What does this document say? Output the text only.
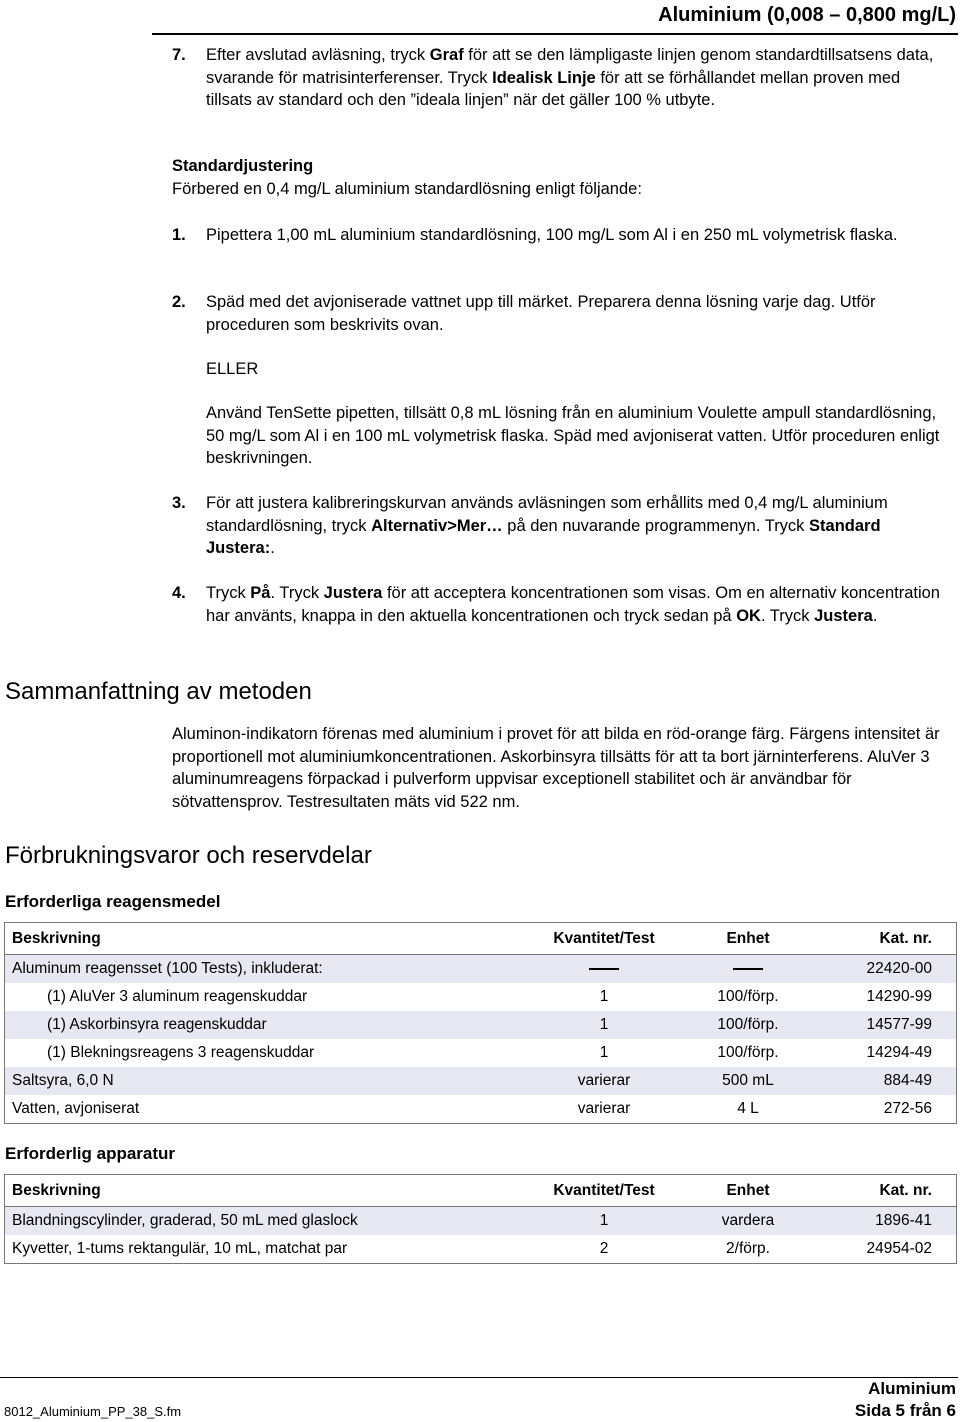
Aluminium (0,008 – 0,800 mg/L)
7. Efter avslutad avläsning, tryck Graf för att se den lämpligaste linjen genom standardtillsatsens data, svarande för matrisinterferenser. Tryck Idealisk Linje för att se förhållandet mellan proven med tillsats av standard och den ”ideala linjen” när det gäller 100 % utbyte.
Standardjustering
Förbered en 0,4 mg/L aluminium standardlösning enligt följande:
1. Pipettera 1,00 mL aluminium standardlösning, 100 mg/L som Al i en 250 mL volymetrisk flaska.
2. Späd med det avjoniserade vattnet upp till märket. Preparera denna lösning varje dag. Utför proceduren som beskrivits ovan.
ELLER
Använd TenSette pipetten, tillsätt 0,8 mL lösning från en aluminium Voulette ampull standardlösning, 50 mg/L som Al i en 100 mL volymetrisk flaska. Späd med avjoniserat vatten. Utför proceduren enligt beskrivningen.
3. För att justera kalibreringskurvan används avläsningen som erhållits med 0,4 mg/L aluminium standardlösning, tryck Alternativ>Mer… på den nuvarande programmenyn. Tryck Standard Justera:.
4. Tryck På. Tryck Justera för att acceptera koncentrationen som visas. Om en alternativ koncentration har använts, knappa in den aktuella koncentrationen och tryck sedan på OK. Tryck Justera.
Sammanfattning av metoden
Aluminon-indikatorn förenas med aluminium i provet för att bilda en röd-orange färg. Färgens intensitet är proportionell mot aluminiumkoncentrationen. Askorbinsyra tillsätts för att ta bort järninterferens. AluVer 3 aluminumreagens förpackad i pulverform uppvisar exceptionell stabilitet och är användbar för sötvattensprov. Testresultaten mäts vid 522 nm.
Förbrukningsvaror och reservdelar
Erforderliga reagensmedel
Beskrivning	Kvantitet/Test	Enhet	Kat. nr.
Aluminum reagensset (100 Tests), inkluderat:			22420-00
(1) AluVer 3 aluminum reagenskuddar	1	100/förp.	14290-99
(1) Askorbinsyra reagenskuddar	1	100/förp.	14577-99
(1) Blekningsreagens 3 reagenskuddar	1	100/förp.	14294-49
Saltsyra, 6,0 N	varierar	500 mL	884-49
Vatten, avjoniserat	varierar	4 L	272-56
Erforderlig apparatur
Beskrivning	Kvantitet/Test	Enhet	Kat. nr.
Blandningscylinder, graderad, 50 mL med glaslock	1	vardera	1896-41
Kyvetter, 1-tums rektangulär, 10 mL, matchat par	2	2/förp.	24954-02
8012_Aluminium_PP_38_S.fm
Aluminium
Sida 5 från 6
